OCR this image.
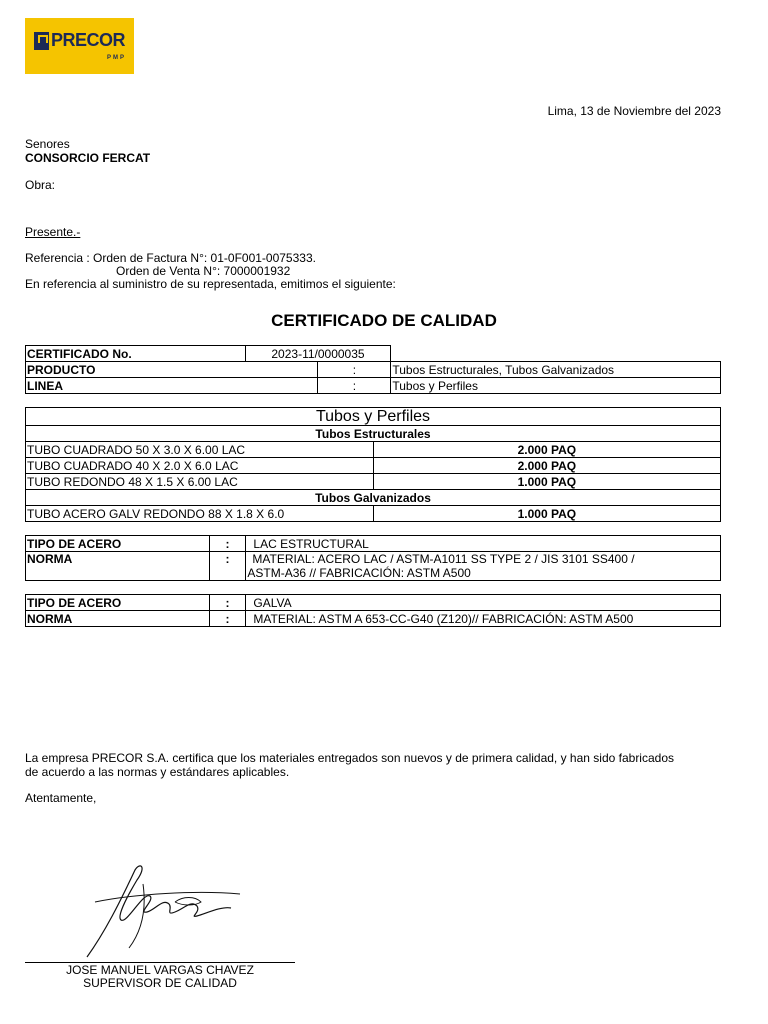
PRECOR
PMP
Lima, 13 de Noviembre del 2023
Senores
CONSORCIO FERCAT
Obra:
Presente.-
Referencia : Orden de Factura N°: 01-0F001-0075333.
Orden de Venta N°: 7000001932
En referencia al suministro de su representada, emitimos el siguiente:
CERTIFICADO DE CALIDAD
CERTIFICADO No.	2023-11/0000035		
PRODUCTO		:	Tubos Estructurales, Tubos Galvanizados
LINEA		:	Tubos y Perfiles
Tubos y Perfiles	
Tubos Estructurales	
TUBO CUADRADO 50 X 3.0 X 6.00 LAC	2.000 PAQ
TUBO CUADRADO 40 X 2.0 X 6.0 LAC	2.000 PAQ
TUBO REDONDO 48 X 1.5 X 6.00 LAC	1.000 PAQ
Tubos Galvanizados	
TUBO ACERO GALV REDONDO 88 X 1.8 X 6.0	1.000 PAQ
TIPO DE ACERO	:	LAC ESTRUCTURAL
NORMA	:	MATERIAL: ACERO LAC / ASTM-A1011 SS TYPE 2 / JIS 3101 SS400 /
ASTM-A36 // FABRICACIÓN: ASTM A500
TIPO DE ACERO	:	GALVA
NORMA	:	MATERIAL: ASTM A 653-CC-G40 (Z120)// FABRICACIÓN: ASTM A500
La empresa PRECOR S.A. certifica que los materiales entregados son nuevos y de primera calidad, y han sido fabricados
de acuerdo a las normas y estándares aplicables.
Atentamente,
JOSE MANUEL VARGAS CHAVEZ
SUPERVISOR DE CALIDAD
